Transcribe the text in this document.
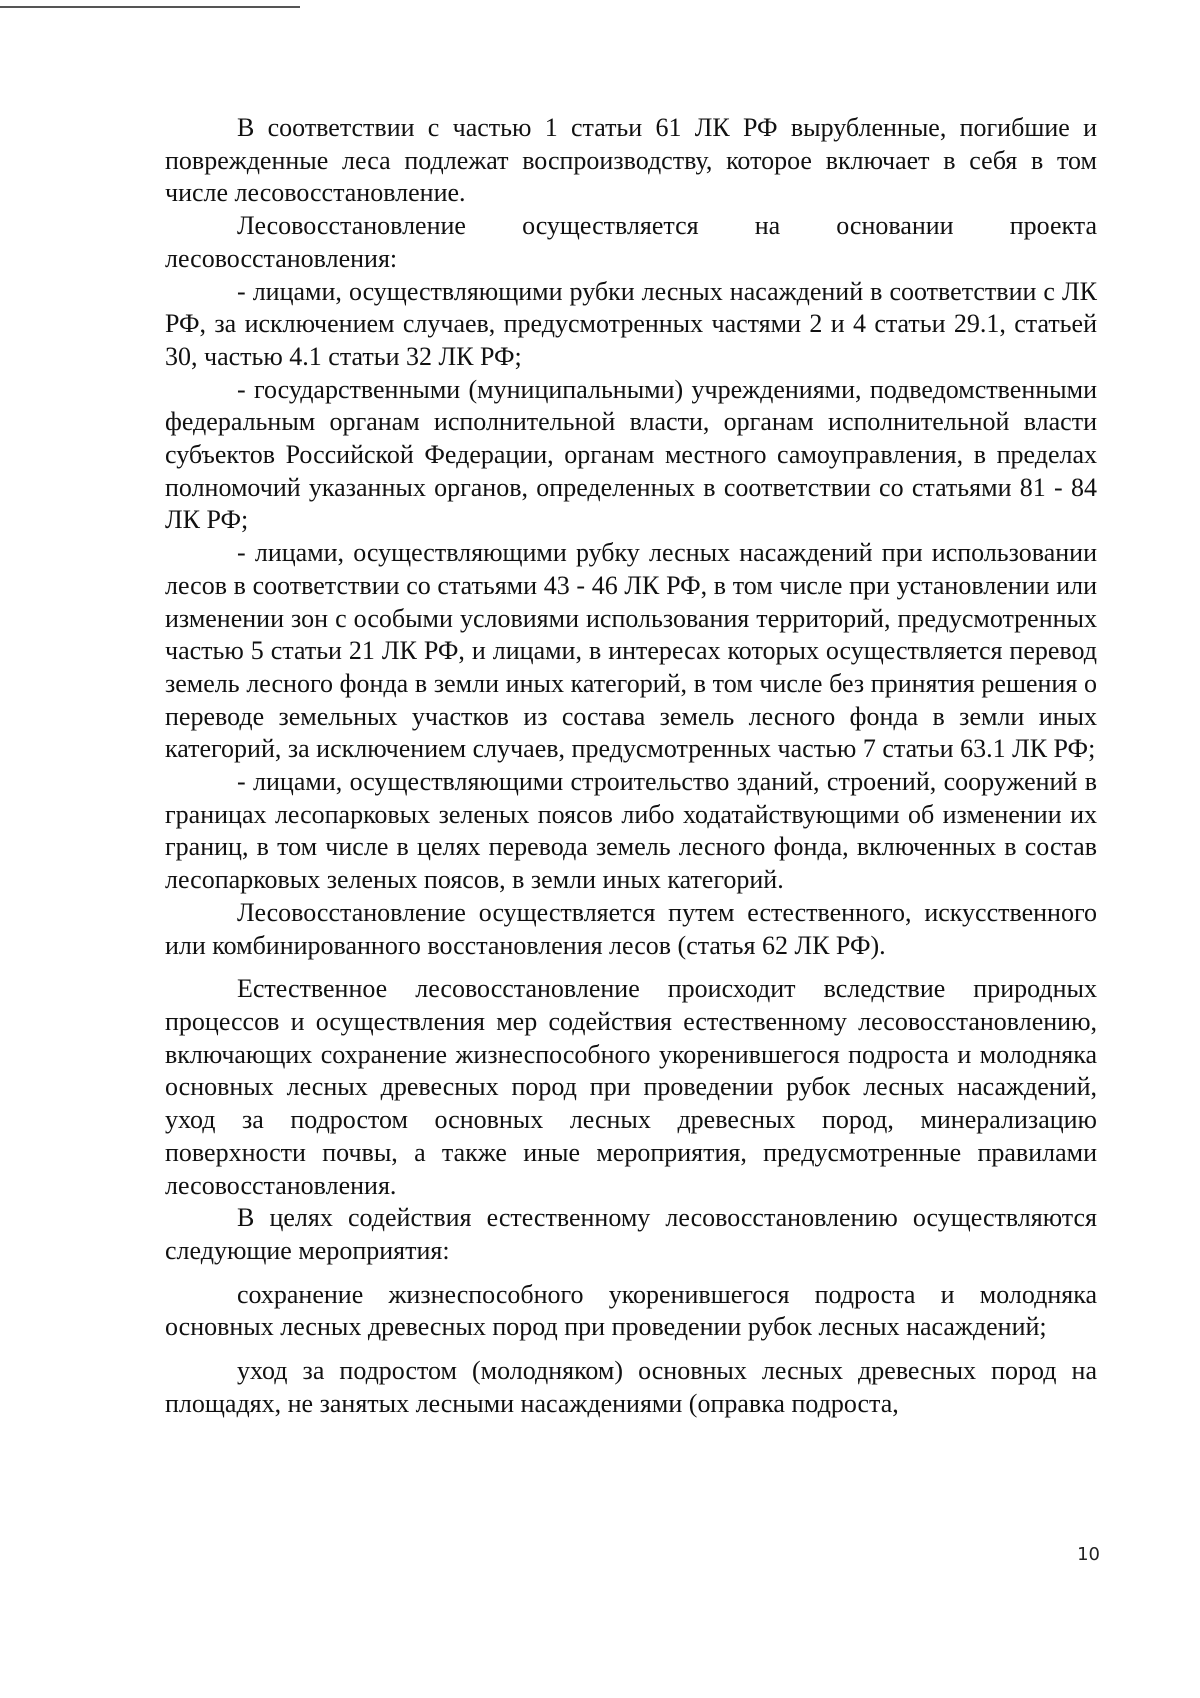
В соответствии с частью 1 статьи 61 ЛК РФ вырубленные, погибшие и поврежденные леса подлежат воспроизводству, которое включает в себя в том числе лесовосстановление.

Лесовосстановление осуществляется на основании проекта лесовосстановления:

- лицами, осуществляющими рубки лесных насаждений в соответствии с ЛК РФ, за исключением случаев, предусмотренных частями 2 и 4 статьи 29.1, статьей 30, частью 4.1 статьи 32 ЛК РФ;

- государственными (муниципальными) учреждениями, подведомственными федеральным органам исполнительной власти, органам исполнительной власти субъектов Российской Федерации, органам местного самоуправления, в пределах полномочий указанных органов, определенных в соответствии со статьями 81 - 84 ЛК РФ;

- лицами, осуществляющими рубку лесных насаждений при использовании лесов в соответствии со статьями 43 - 46 ЛК РФ, в том числе при установлении или изменении зон с особыми условиями использования территорий, предусмотренных частью 5 статьи 21 ЛК РФ, и лицами, в интересах которых осуществляется перевод земель лесного фонда в земли иных категорий, в том числе без принятия решения о переводе земельных участков из состава земель лесного фонда в земли иных категорий, за исключением случаев, предусмотренных частью 7 статьи 63.1 ЛК РФ;

- лицами, осуществляющими строительство зданий, строений, сооружений в границах лесопарковых зеленых поясов либо ходатайствующими об изменении их границ, в том числе в целях перевода земель лесного фонда, включенных в состав лесопарковых зеленых поясов, в земли иных категорий.

Лесовосстановление осуществляется путем естественного, искусственного или комбинированного восстановления лесов (статья 62 ЛК РФ).

Естественное лесовосстановление происходит вследствие природных процессов и осуществления мер содействия естественному лесовосстановлению, включающих сохранение жизнеспособного укоренившегося подроста и молодняка основных лесных древесных пород при проведении рубок лесных насаждений, уход за подростом основных лесных древесных пород, минерализацию поверхности почвы, а также иные мероприятия, предусмотренные правилами лесовосстановления.

В целях содействия естественному лесовосстановлению осуществляются следующие мероприятия:

сохранение жизнеспособного укоренившегося подроста и молодняка основных лесных древесных пород при проведении рубок лесных насаждений;

уход за подростом (молодняком) основных лесных древесных пород на площадях, не занятых лесными насаждениями (оправка подроста,

10
